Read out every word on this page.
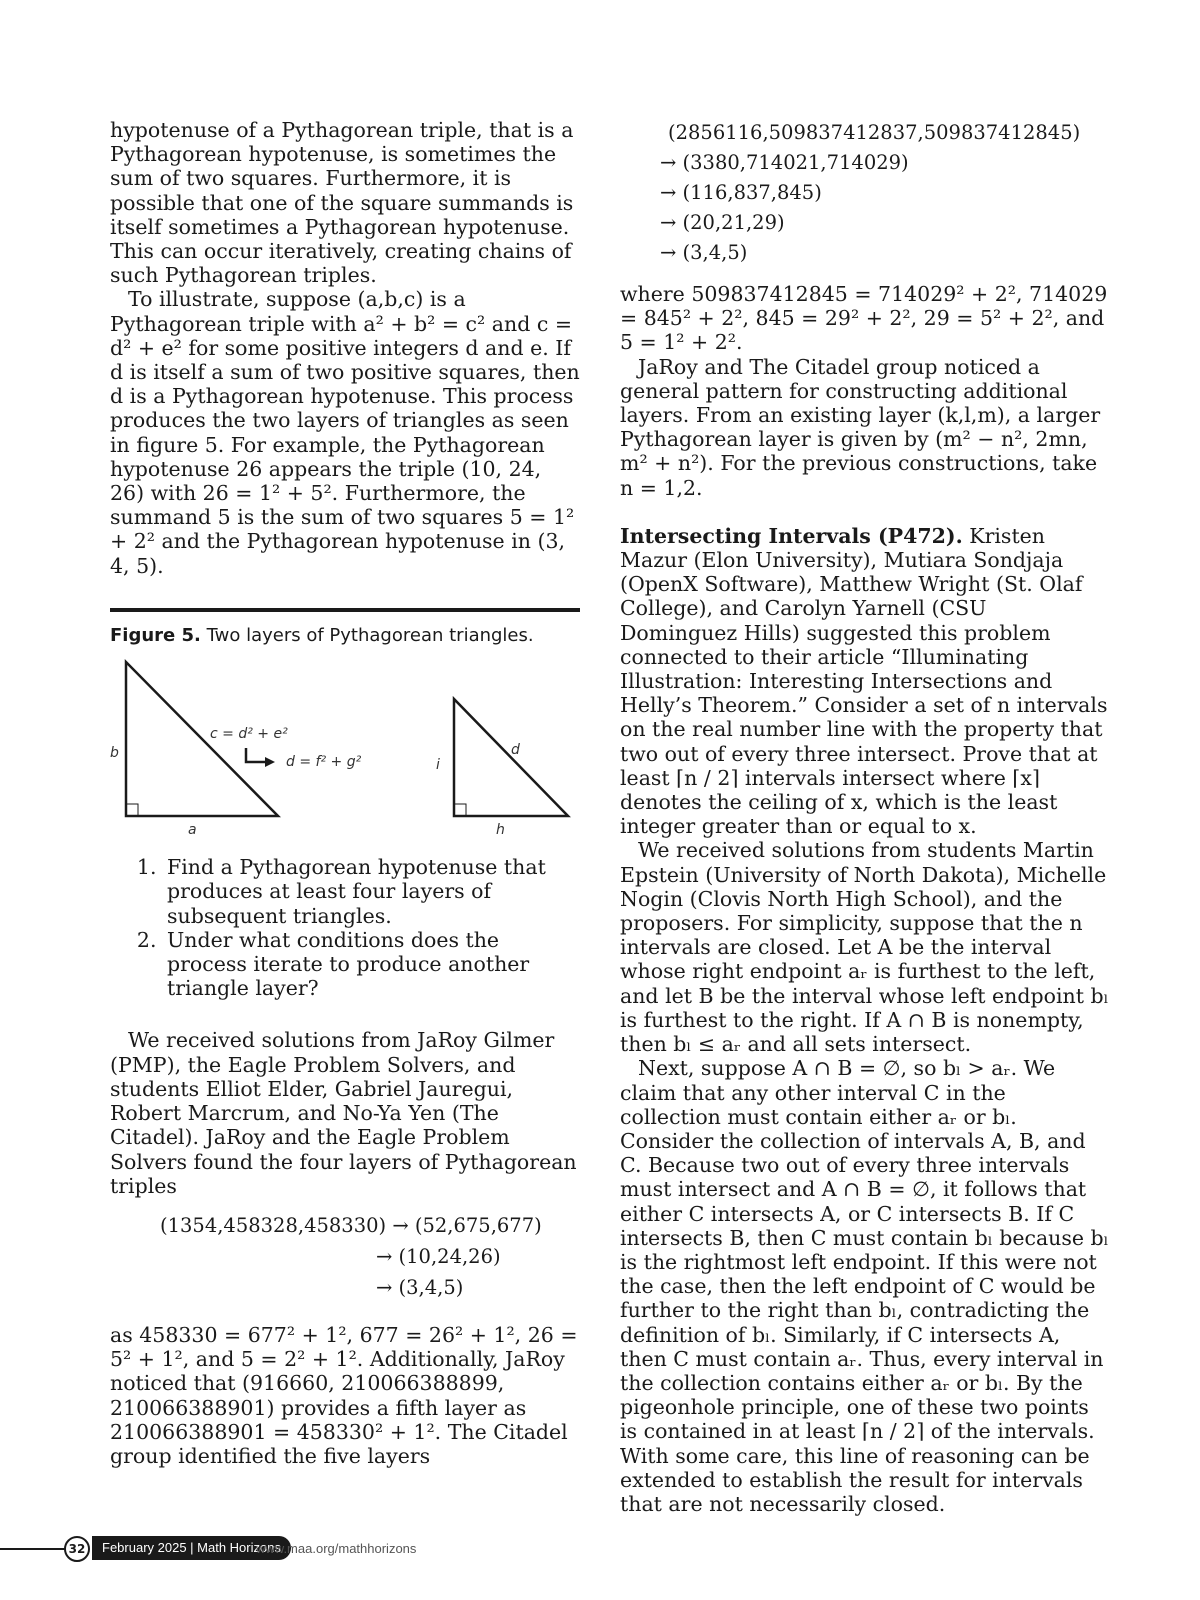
hypotenuse of a Pythagorean triple, that is a Pythagorean hypotenuse, is sometimes the sum of two squares. Furthermore, it is possible that one of the square summands is itself sometimes a Pythagorean hypotenuse. This can occur iteratively, creating chains of such Pythagorean triples.

To illustrate, suppose (a,b,c) is a Pythagorean triple with a² + b² = c² and c = d² + e² for some positive integers d and e. If d is itself a sum of two positive squares, then d is a Pythagorean hypotenuse. This process produces the two layers of triangles as seen in figure 5. For example, the Pythagorean hypotenuse 26 appears the triple (10, 24, 26) with 26 = 1² + 5². Furthermore, the summand 5 is the sum of two squares 5 = 1² + 2² and the Pythagorean hypotenuse in (3, 4, 5).

Figure 5. Two layers of Pythagorean triangles.
b
a
c = d² + e²
d = f² + g²	i
d
h
1. Find a Pythagorean hypotenuse that produces at least four layers of subsequent triangles.
2. Under what conditions does the process iterate to produce another triangle layer?

We received solutions from JaRoy Gilmer (PMP), the Eagle Problem Solvers, and students Elliot Elder, Gabriel Jauregui, Robert Marcrum, and No-Ya Yen (The Citadel). JaRoy and the Eagle Problem Solvers found the four layers of Pythagorean triples

(1354,458328,458330) → (52,675,677)
→ (10,24,26)
→ (3,4,5)

as 458330 = 677² + 1², 677 = 26² + 1², 26 = 5² + 1², and 5 = 2² + 1². Additionally, JaRoy noticed that (916660, 210066388899, 210066388901) provides a fifth layer as 210066388901 = 458330² + 1². The Citadel group identified the five layers

(2856116,509837412837,509837412845)
→ (3380,714021,714029)
→ (116,837,845)
→ (20,21,29)
→ (3,4,5)

where 509837412845 = 714029² + 2², 714029 = 845² + 2², 845 = 29² + 2², 29 = 5² + 2², and 5 = 1² + 2².

JaRoy and The Citadel group noticed a general pattern for constructing additional layers. From an existing layer (k,l,m), a larger Pythagorean layer is given by (m² − n², 2mn, m² + n²). For the previous constructions, take n = 1,2.

Intersecting Intervals (P472). Kristen Mazur (Elon University), Mutiara Sondjaja (OpenX Software), Matthew Wright (St. Olaf College), and Carolyn Yarnell (CSU Dominguez Hills) suggested this problem connected to their article “Illuminating Illustration: Interesting Intersections and Helly’s Theorem.” Consider a set of n intervals on the real number line with the property that two out of every three intersect. Prove that at least ⌈n / 2⌉ intervals intersect where ⌈x⌉ denotes the ceiling of x, which is the least integer greater than or equal to x.

We received solutions from students Martin Epstein (University of North Dakota), Michelle Nogin (Clovis North High School), and the proposers. For simplicity, suppose that the n intervals are closed. Let A be the interval whose right endpoint aᵣ is furthest to the left, and let B be the interval whose left endpoint bₗ is furthest to the right. If A ∩ B is nonempty, then bₗ ≤ aᵣ and all sets intersect.

Next, suppose A ∩ B = ∅, so bₗ > aᵣ. We claim that any other interval C in the collection must contain either aᵣ or bₗ. Consider the collection of intervals A, B, and C. Because two out of every three intervals must intersect and A ∩ B = ∅, it follows that either C intersects A, or C intersects B. If C intersects B, then C must contain bₗ because bₗ is the rightmost left endpoint. If this were not the case, then the left endpoint of C would be further to the right than bₗ, contradicting the definition of bₗ. Similarly, if C intersects A, then C must contain aᵣ. Thus, every interval in the collection contains either aᵣ or bₗ. By the pigeonhole principle, one of these two points is contained in at least ⌈n / 2⌉ of the intervals. With some care, this line of reasoning can be extended to establish the result for intervals that are not necessarily closed.

32	February 2025 | Math Horizons
www.maa.org/mathhorizons
